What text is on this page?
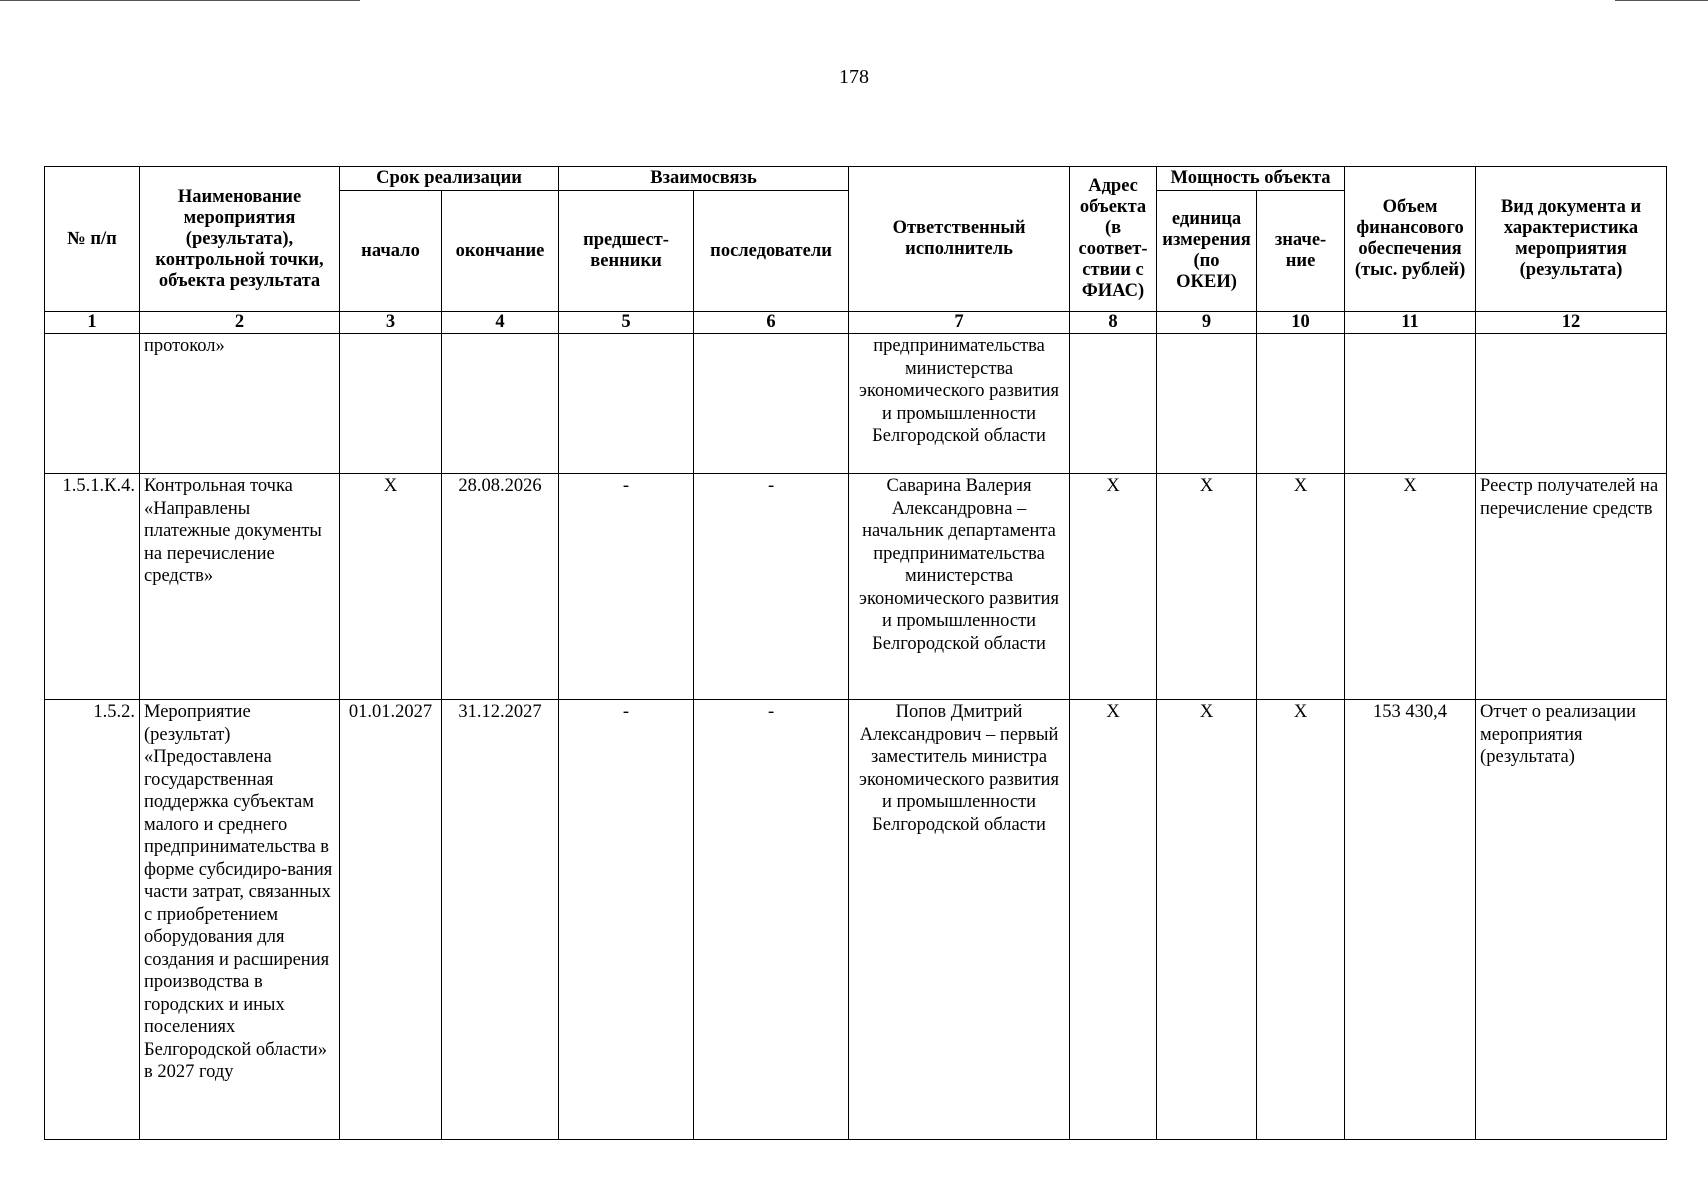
178
№ п/п	Наименование мероприятия (результата), контрольной точки, объекта результата	Срок реализации		Взаимосвязь		Ответственный исполнитель	Адрес объекта (в соответ-ствии с ФИАС)	Мощность объекта		Объем финансового обеспечения (тыс. рублей)	Вид документа и характеристика мероприятия (результата)
		начало	окончание	предшест-венники	последователи			единица измерения (по ОКЕИ)	значе-ние		
1	2	3	4	5	6	7	8	9	10	11	12
	протокол»					предпринимательства министерства экономического развития и промышленности Белгородской области					
1.5.1.К.4.	Контрольная точка «Направлены платежные документы на перечисление средств»	X	28.08.2026	-	-	Саварина Валерия Александровна – начальник департамента предпринимательства министерства экономического развития и промышленности Белгородской области	X	X	X	X	Реестр получателей на перечисление средств
1.5.2.	Мероприятие (результат) «Предоставлена государственная поддержка субъектам малого и среднего предпринимательства в форме субсидиро-вания части затрат, связанных с приобретением оборудования для создания и расширения производства в городских и иных поселениях Белгородской области» в 2027 году	01.01.2027	31.12.2027	-	-	Попов Дмитрий Александрович – первый заместитель министра экономического развития и промышленности Белгородской области	X	X	X	153 430,4	Отчет о реализации мероприятия (результата)
